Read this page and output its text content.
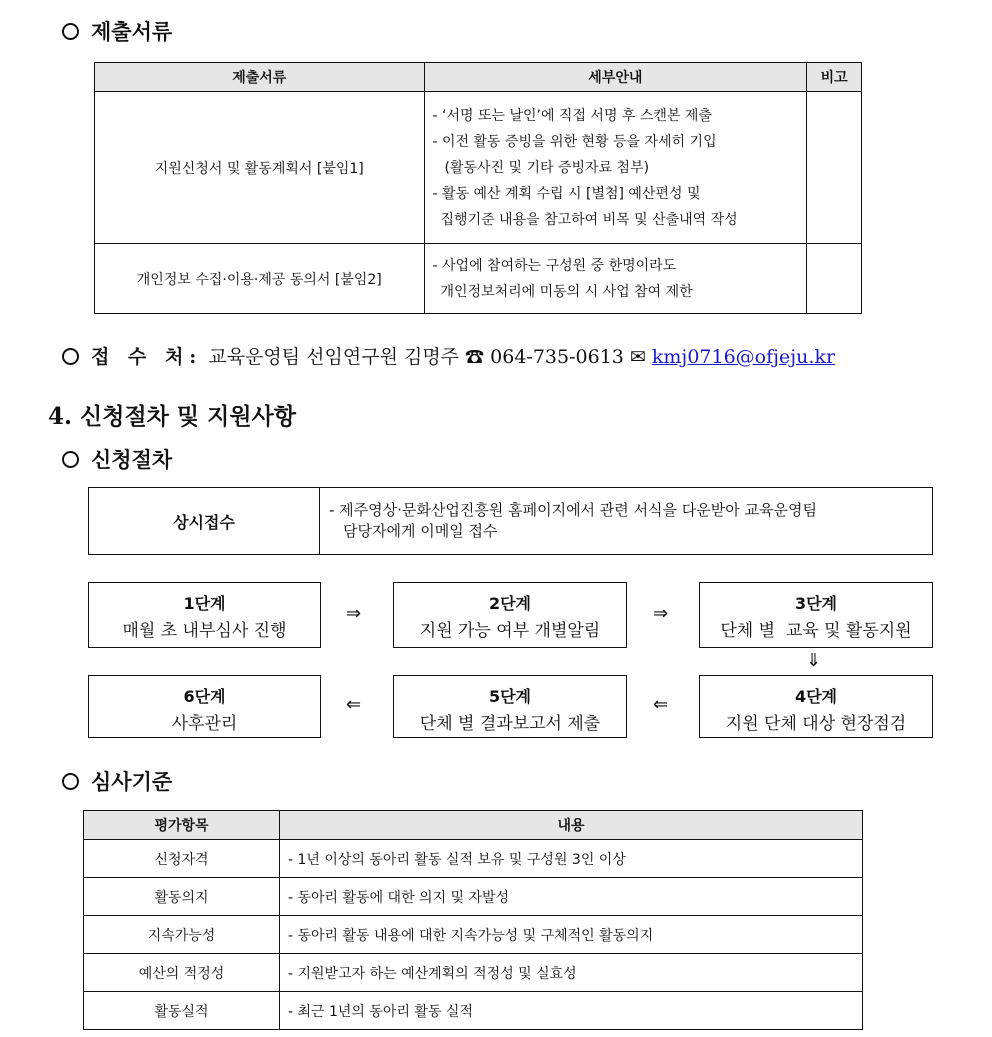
제출서류
제출서류	세부안내	비고
지원신청서 및 활동계획서 [붙임1]	- ‘서명 또는 날인’에 직접 서명 후 스캔본 제출
- 이전 활동 증빙을 위한 현황 등을 자세히 기입
(활동사진 및 기타 증빙자료 첨부)
- 활동 예산 계획 수립 시 [별첨] 예산편성 및
집행기준 내용을 참고하여 비목 및 산출내역 작성	

개인정보 수집·이용·제공 동의서 [붙임2]	- 사업에 참여하는 구성원 중 한명이라도
개인정보처리에 미동의 시 사업 참여 제한	

접 수 처: 교육운영팀 선임연구원 김명주 ☎ 064-735-0613 ✉ kmj0716@ofjeju.kr
4. 신청절차 및 지원사항
신청절차
상시접수
- 제주영상·문화산업진흥원 홈페이지에서 관련 서식을 다운받아 교육운영팀
담당자에게 이메일 접수
1단계
매월 초 내부심사 진행
⇒	2단계
지원 가능 여부 개별알림
⇒	3단계
단체 별  교육 및 활동지원
⇓
6단계
사후관리
⇐	5단계
단체 별 결과보고서 제출
⇐	4단계
지원 단체 대상 현장점검
심사기준
평가항목	내용
신청자격	- 1년 이상의 동아리 활동 실적 보유 및 구성원 3인 이상
활동의지	- 동아리 활동에 대한 의지 및 자발성
지속가능성	- 동아리 활동 내용에 대한 지속가능성 및 구체적인 활동의지
예산의 적정성	- 지원받고자 하는 예산계획의 적정성 및 실효성
활동실적	- 최근 1년의 동아리 활동 실적
